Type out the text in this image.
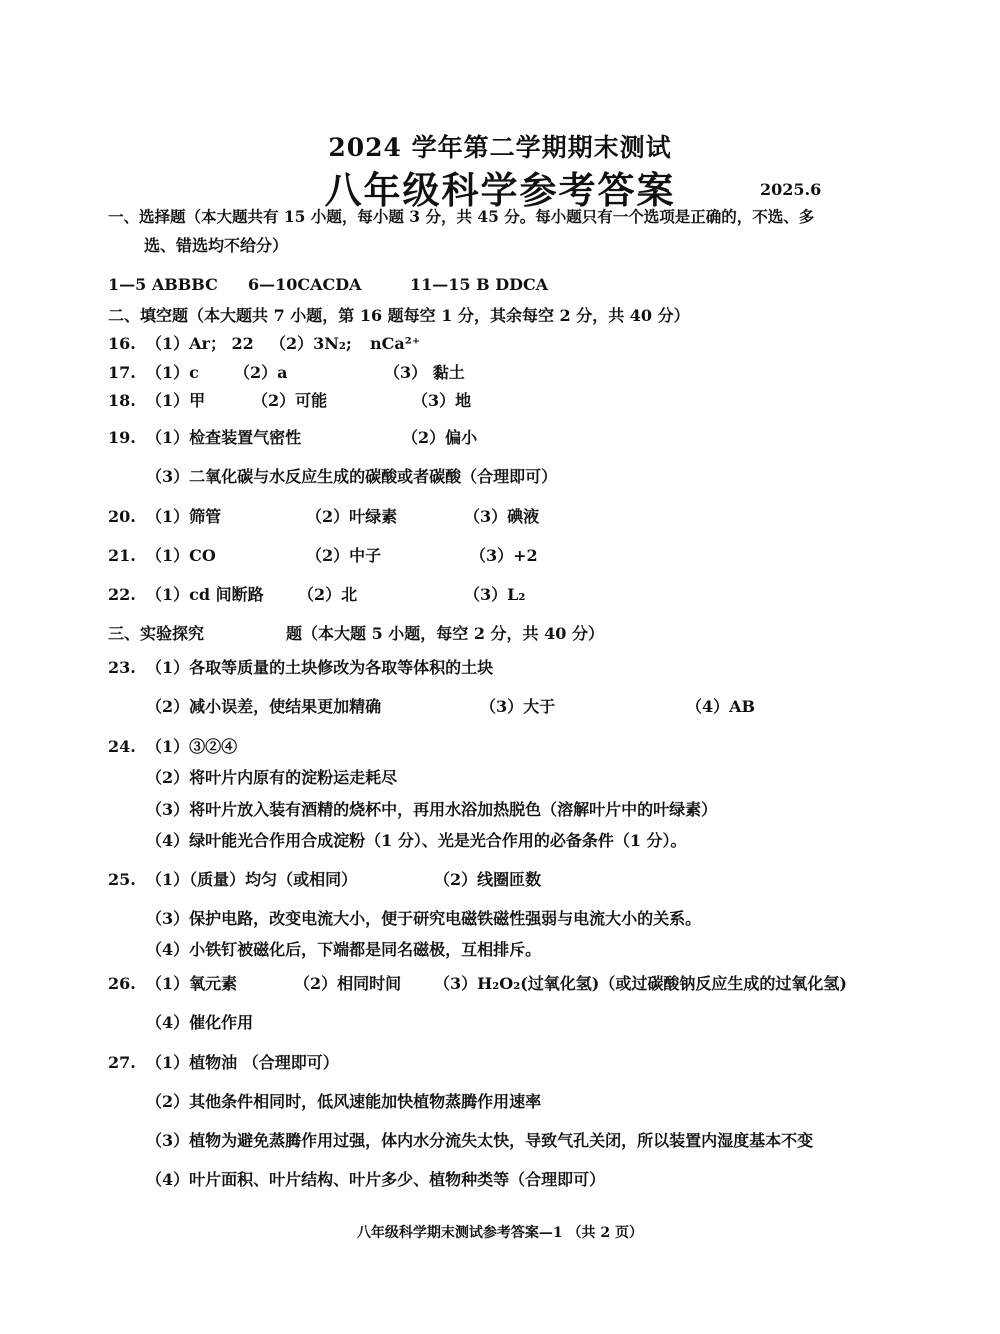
2024 学年第二学期期末测试
八年级科学参考答案	2025.6
一、选择题（本大题共有 15 小题，每小题 3 分，共 45 分。每小题只有一个选项是正确的，不选、多
选、错选均不给分）
1—5 ABBBC 6—10CACDA	11—15 B DDCA
二、填空题（本大题共 7 小题，第 16 题每空 1 分，其余每空 2 分，共 40 分）
16. （1）Ar； 22 （2）3N₂; nCa²⁺
17. （1）c （2）a	（3） 黏土
18. （1）甲	（2）可能	（3）地
19. （1）检查装置气密性	（2）偏小
（3）二氧化碳与水反应生成的碳酸或者碳酸（合理即可）
20. （1）筛管	（2）叶绿素	（3）碘液
21. （1）CO	（2）中子	（3）+2
22. （1）cd 间断路 （2）北	（3）L₂
三、实验探究	题（本大题 5 小题，每空 2 分，共 40 分）
23. （1）各取等质量的土块修改为各取等体积的土块
（2）减小误差，使结果更加精确	（3）大于	（4）AB
24. （1）③②④
（2）将叶片内原有的淀粉运走耗尽
（3）将叶片放入装有酒精的烧杯中，再用水浴加热脱色（溶解叶片中的叶绿素）
（4）绿叶能光合作用合成淀粉（1 分）、光是光合作用的必备条件（1 分）。
25. （1）（质量）均匀（或相同）	（2）线圈匝数
（3）保护电路，改变电流大小，便于研究电磁铁磁性强弱与电流大小的关系。
（4）小铁钉被磁化后，下端都是同名磁极，互相排斥。
26. （1）氧元素	（2）相同时间 （3）H₂O₂(过氧化氢)（或过碳酸钠反应生成的过氧化氢)
（4）催化作用
27. （1）植物油 （合理即可）
（2）其他条件相同时，低风速能加快植物蒸腾作用速率
（3）植物为避免蒸腾作用过强，体内水分流失太快，导致气孔关闭，所以装置内湿度基本不变
（4）叶片面积、叶片结构、叶片多少、植物种类等（合理即可）
八年级科学期末测试参考答案—1 （共 2 页）
